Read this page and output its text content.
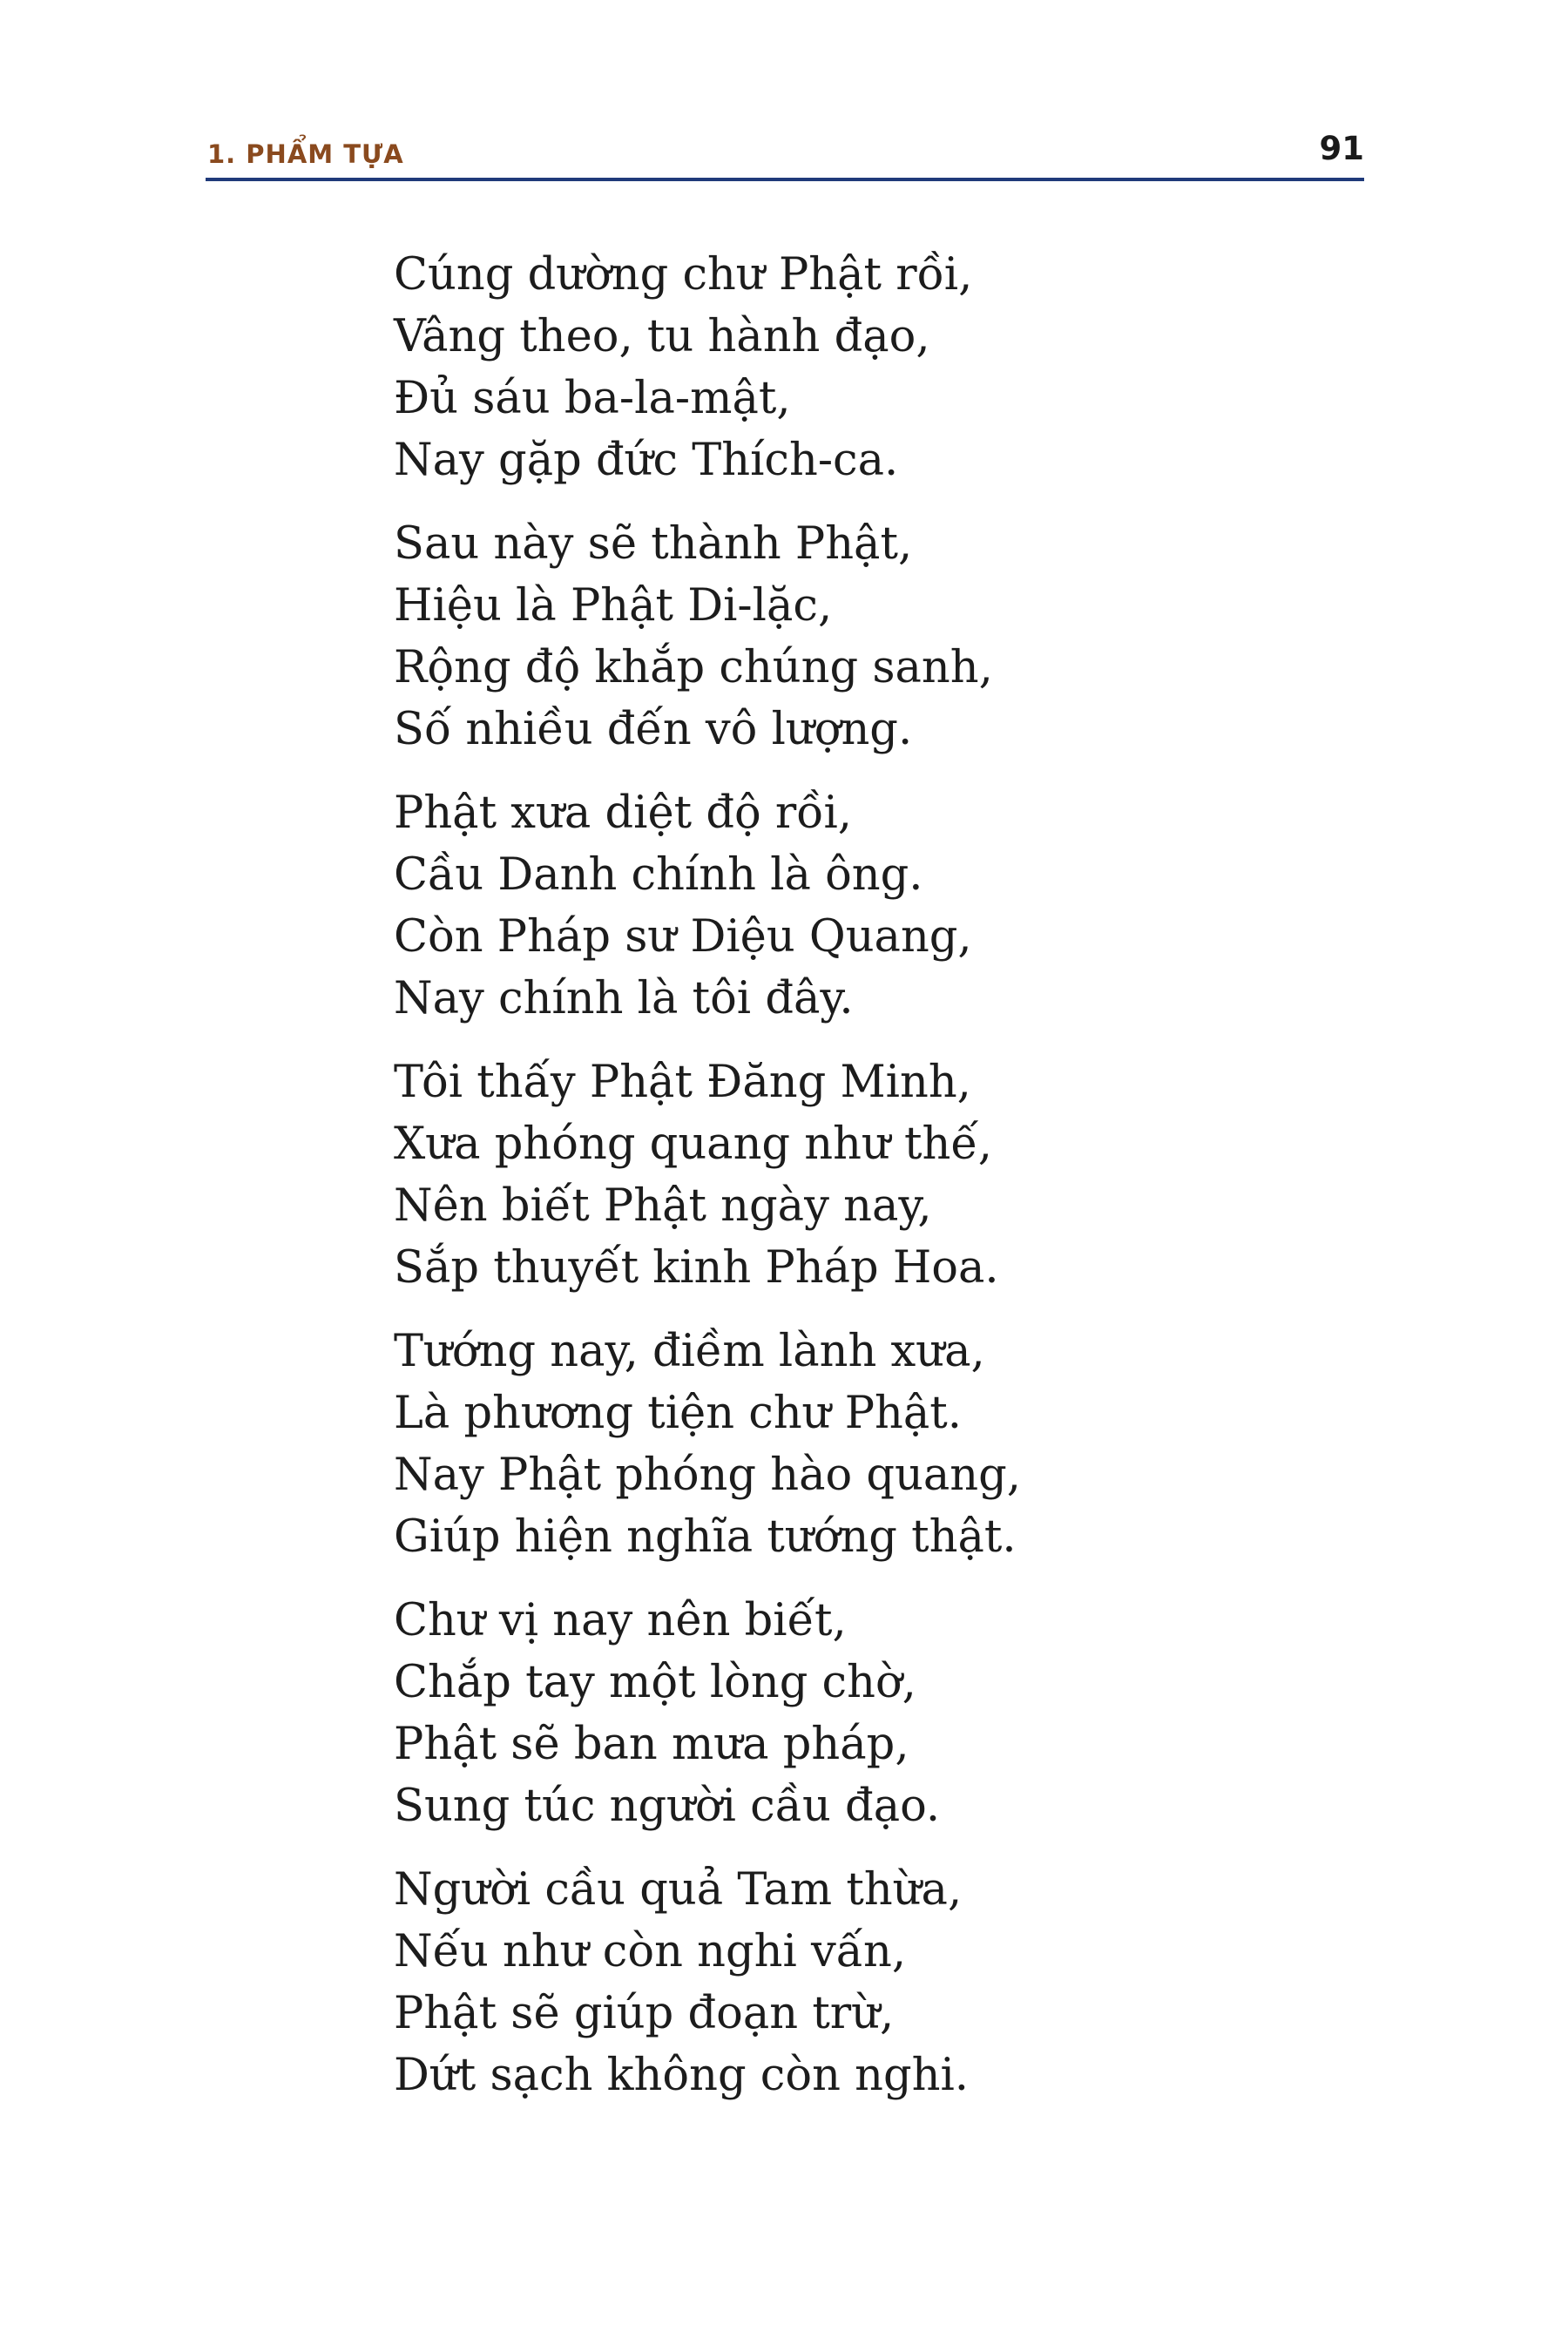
1. PHẨM TỰA	91
Cúng dường chư Phật rồi,
Vâng theo, tu hành đạo,
Đủ sáu ba-la-mật,
Nay gặp đức Thích-ca.
Sau này sẽ thành Phật,
Hiệu là Phật Di-lặc,
Rộng độ khắp chúng sanh,
Số nhiều đến vô lượng.
Phật xưa diệt độ rồi,
Cầu Danh chính là ông.
Còn Pháp sư Diệu Quang,
Nay chính là tôi đây.
Tôi thấy Phật Đăng Minh,
Xưa phóng quang như thế,
Nên biết Phật ngày nay,
Sắp thuyết kinh Pháp Hoa.
Tướng nay, điềm lành xưa,
Là phương tiện chư Phật.
Nay Phật phóng hào quang,
Giúp hiện nghĩa tướng thật.
Chư vị nay nên biết,
Chắp tay một lòng chờ,
Phật sẽ ban mưa pháp,
Sung túc người cầu đạo.
Người cầu quả Tam thừa,
Nếu như còn nghi vấn,
Phật sẽ giúp đoạn trừ,
Dứt sạch không còn nghi.
